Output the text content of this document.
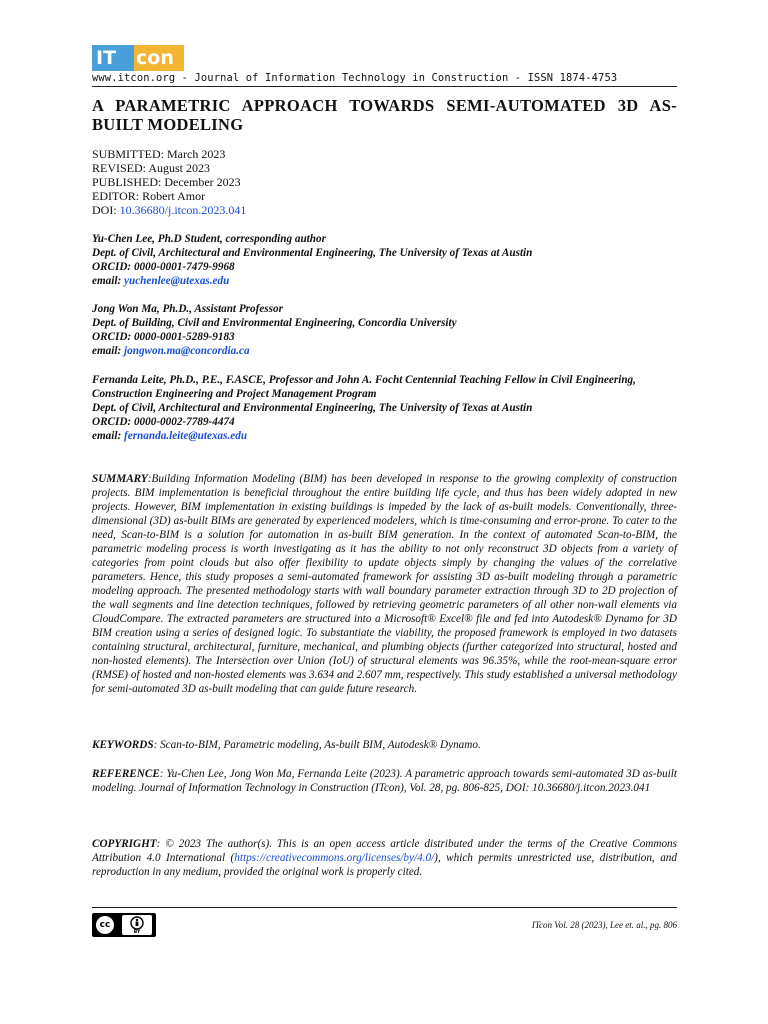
IT	con
www.itcon.org - Journal of Information Technology in Construction - ISSN 1874-4753
A PARAMETRIC APPROACH TOWARDS SEMI-AUTOMATED 3D AS-BUILT MODELING
SUBMITTED: March 2023
REVISED: August 2023
PUBLISHED: December 2023
EDITOR: Robert Amor
DOI: 10.36680/j.itcon.2023.041
Yu-Chen Lee, Ph.D Student, corresponding author
Dept. of Civil, Architectural and Environmental Engineering, The University of Texas at Austin
ORCID: 0000-0001-7479-9968
email: yuchenlee@utexas.edu
Jong Won Ma, Ph.D., Assistant Professor
Dept. of Building, Civil and Environmental Engineering, Concordia University
ORCID: 0000-0001-5289-9183
email: jongwon.ma@concordia.ca
Fernanda Leite, Ph.D., P.E., F.ASCE, Professor and John A. Focht Centennial Teaching Fellow in Civil Engineering, Construction Engineering and Project Management Program
Dept. of Civil, Architectural and Environmental Engineering, The University of Texas at Austin
ORCID: 0000-0002-7789-4474
email: fernanda.leite@utexas.edu

SUMMARY:Building Information Modeling (BIM) has been developed in response to the growing complexity of construction projects. BIM implementation is beneficial throughout the entire building life cycle, and thus has been widely adopted in new projects. However, BIM implementation in existing buildings is impeded by the lack of as-built models. Conventionally, three-dimensional (3D) as-built BIMs are generated by experienced modelers, which is time-consuming and error-prone. To cater to the need, Scan-to-BIM is a solution for automation in as-built BIM generation. In the context of automated Scan-to-BIM, the parametric modeling process is worth investigating as it has the ability to not only reconstruct 3D objects from a variety of categories from point clouds but also offer flexibility to update objects simply by changing the values of the correlative parameters. Hence, this study proposes a semi-automated framework for assisting 3D as-built modeling through a parametric modeling approach. The presented methodology starts with wall boundary parameter extraction through 3D to 2D projection of the wall segments and line detection techniques, followed by retrieving geometric parameters of all other non-wall elements via CloudCompare. The extracted parameters are structured into a Microsoft® Excel® file and fed into Autodesk® Dynamo for 3D BIM creation using a series of designed logic. To substantiate the viability, the proposed framework is employed in two datasets containing structural, architectural, furniture, mechanical, and plumbing objects (further categorized into structural, hosted and non-hosted elements). The Intersection over Union (IoU) of structural elements was 96.35%, while the root-mean-square error (RMSE) of hosted and non-hosted elements was 3.634 and 2.607 mm, respectively. This study established a universal methodology for semi-automated 3D as-built modeling that can guide future research.

KEYWORDS: Scan-to-BIM, Parametric modeling, As-built BIM, Autodesk® Dynamo.

REFERENCE: Yu-Chen Lee, Jong Won Ma, Fernanda Leite (2023). A parametric approach towards semi-automated 3D as-built modeling. Journal of Information Technology in Construction (ITcon), Vol. 28, pg. 806-825, DOI: 10.36680/j.itcon.2023.041

COPYRIGHT: © 2023 The author(s). This is an open access article distributed under the terms of the Creative Commons Attribution 4.0 International (https://creativecommons.org/licenses/by/4.0/), which permits unrestricted use, distribution, and reproduction in any medium, provided the original work is properly cited.

cc
BY
ITcon Vol. 28 (2023), Lee et. al., pg. 806
